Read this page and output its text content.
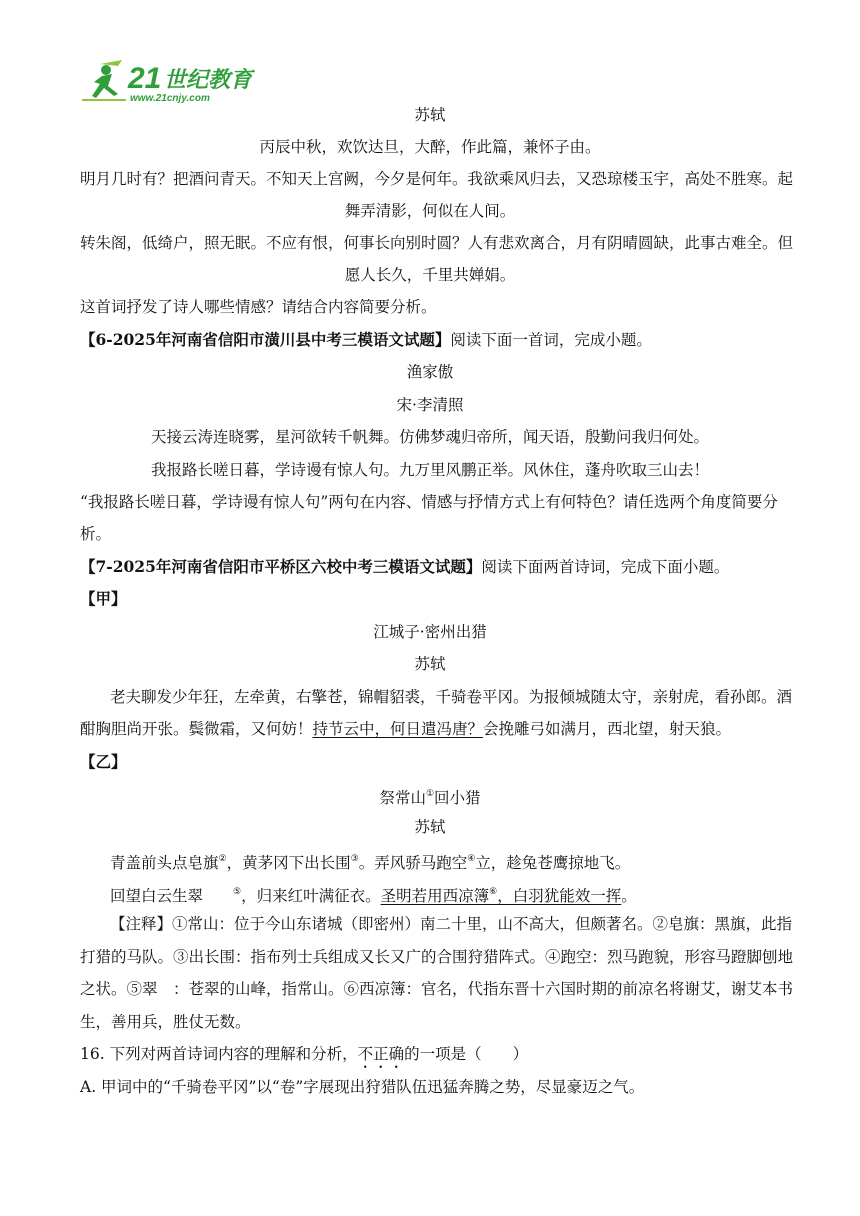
21 世纪教育
www.21cnjy.com
苏轼
丙辰中秋，欢饮达旦，大醉，作此篇，兼怀子由。
明月几时有？把酒问青天。不知天上宫阙，今夕是何年。我欲乘风归去，又恐琼楼玉宇，高处不胜寒。起
舞弄清影，何似在人间。
转朱阁，低绮户，照无眠。不应有恨，何事长向别时圆？人有悲欢离合，月有阴晴圆缺，此事古难全。但
愿人长久，千里共婵娟。
这首词抒发了诗人哪些情感？请结合内容简要分析。
【6-2025年河南省信阳市潢川县中考三模语文试题】阅读下面一首词，完成小题。
渔家傲
宋·李清照
天接云涛连晓雾，星河欲转千帆舞。仿佛梦魂归帝所，闻天语，殷勤问我归何处。
我报路长嗟日暮，学诗谩有惊人句。九万里风鹏正举。风休住，蓬舟吹取三山去！
“我报路长嗟日暮，学诗谩有惊人句”两句在内容、情感与抒情方式上有何特色？请任选两个角度简要分
析。
【7-2025年河南省信阳市平桥区六校中考三模语文试题】阅读下面两首诗词，完成下面小题。
【甲】
江城子·密州出猎
苏轼
老夫聊发少年狂，左牵黄，右擎苍，锦帽貂裘，千骑卷平冈。为报倾城随太守，亲射虎，看孙郎。酒
酣胸胆尚开张。鬓微霜，又何妨！持节云中，何日遣冯唐？会挽雕弓如满月，西北望，射天狼。
【乙】
祭常山①回小猎
苏轼
青盖前头点皂旗②，黄茅冈下出长围③。弄风骄马跑空④立，趁兔苍鹰掠地飞。
回望白云生翠	⑤，归来红叶满征衣。圣明若用西凉簿⑥，白羽犹能效一挥。
【注释】①常山：位于今山东诸城（即密州）南二十里，山不高大，但颇著名。②皂旗：黑旗，此指
打猎的马队。③出长围：指布列士兵组成又长又广的合围狩猎阵式。④跑空：烈马跑貌，形容马蹬脚刨地
之状。⑤翠　：苍翠的山峰，指常山。⑥西凉簿：官名，代指东晋十六国时期的前凉名将谢艾，谢艾本书
生，善用兵，胜仗无数。
16. 下列对两首诗词内容的理解和分析，不正确的一项是（　　）
A. 甲词中的“千骑卷平冈”以“卷”字展现出狩猎队伍迅猛奔腾之势，尽显豪迈之气。
